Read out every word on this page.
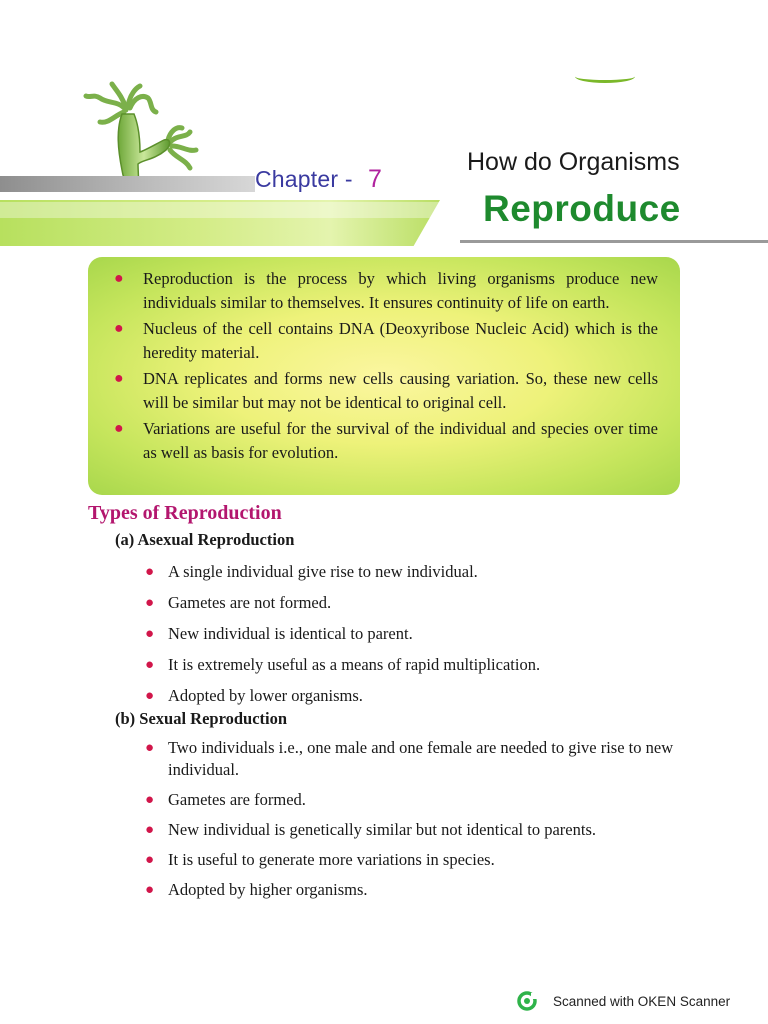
Chapter - 7
How do Organisms
Reproduce
● Reproduction is the process by which living organisms produce new individuals similar to themselves. It ensures continuity of life on earth.
● Nucleus of the cell contains DNA (Deoxyribose Nucleic Acid) which is the heredity material.
● DNA replicates and forms new cells causing variation. So, these new cells will be similar but may not be identical to original cell.
● Variations are useful for the survival of the individual and species over time as well as basis for evolution.
Types of Reproduction
(a) Asexual Reproduction
● A single individual give rise to new individual.
● Gametes are not formed.
● New individual is identical to parent.
● It is extremely useful as a means of rapid multiplication.
● Adopted by lower organisms.
(b) Sexual Reproduction
● Two individuals i.e., one male and one female are needed to give rise to new individual.
● Gametes are formed.
● New individual is genetically similar but not identical to parents.
● It is useful to generate more variations in species.
● Adopted by higher organisms.
Scanned with OKEN Scanner
